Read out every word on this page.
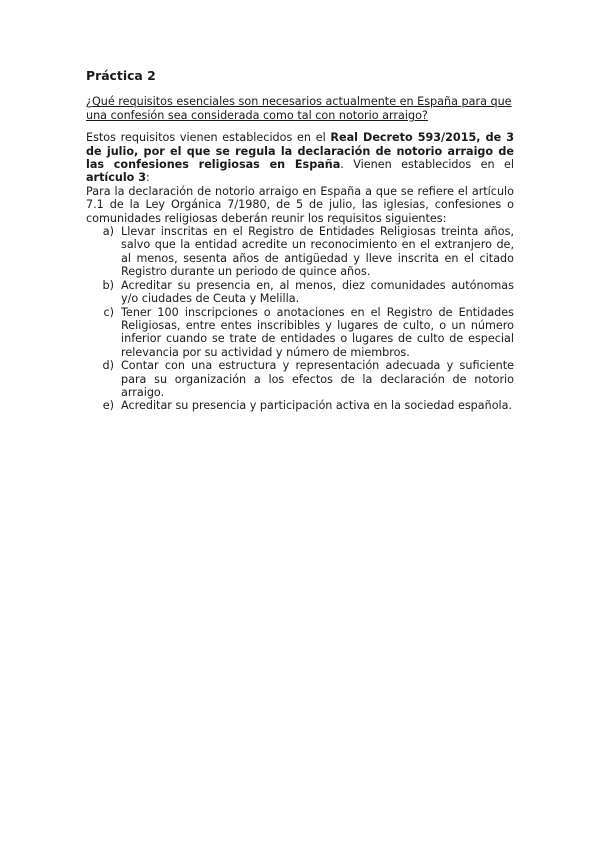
Práctica 2

¿Qué requisitos esenciales son necesarios actualmente en España para que una confesión sea considerada como tal con notorio arraigo?

Estos requisitos vienen establecidos en el Real Decreto 593/2015, de 3 de julio, por el que se regula la declaración de notorio arraigo de las confesiones religiosas en España. Vienen establecidos en el artículo 3:

Para la declaración de notorio arraigo en España a que se refiere el artículo 7.1 de la Ley Orgánica 7/1980, de 5 de julio, las iglesias, confesiones o comunidades religiosas deberán reunir los requisitos siguientes:

a) Llevar inscritas en el Registro de Entidades Religiosas treinta años, salvo que la entidad acredite un reconocimiento en el extranjero de, al menos, sesenta años de antigüedad y lleve inscrita en el citado Registro durante un periodo de quince años.
b) Acreditar su presencia en, al menos, diez comunidades autónomas y/o ciudades de Ceuta y Melilla.
c) Tener 100 inscripciones o anotaciones en el Registro de Entidades Religiosas, entre entes inscribibles y lugares de culto, o un número inferior cuando se trate de entidades o lugares de culto de especial relevancia por su actividad y número de miembros.
d) Contar con una estructura y representación adecuada y suficiente para su organización a los efectos de la declaración de notorio arraigo.
e) Acreditar su presencia y participación activa en la sociedad española.
